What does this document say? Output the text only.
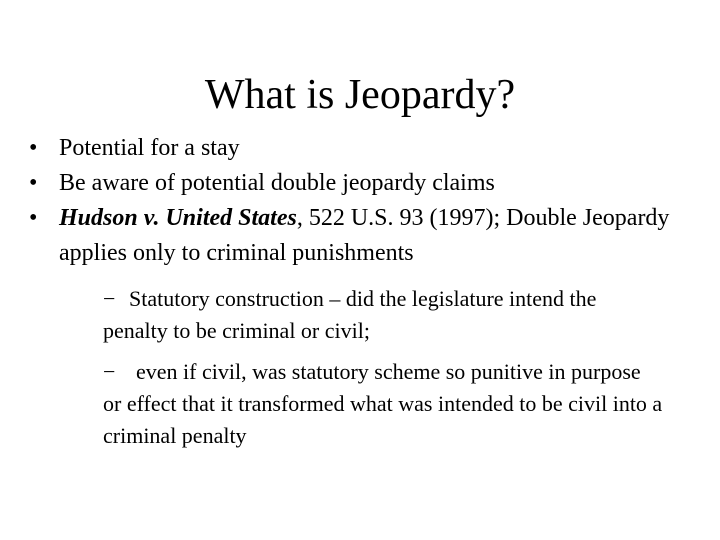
What is Jeopardy?
• Potential for a stay
• Be aware of potential double jeopardy claims
• Hudson v. United States, 522 U.S. 93 (1997); Double Jeopardy applies only to criminal punishments
− Statutory construction – did the legislature intend the penalty to be criminal or civil;
− even if civil, was statutory scheme so punitive in purpose or effect that it transformed what was intended to be civil into a criminal penalty
